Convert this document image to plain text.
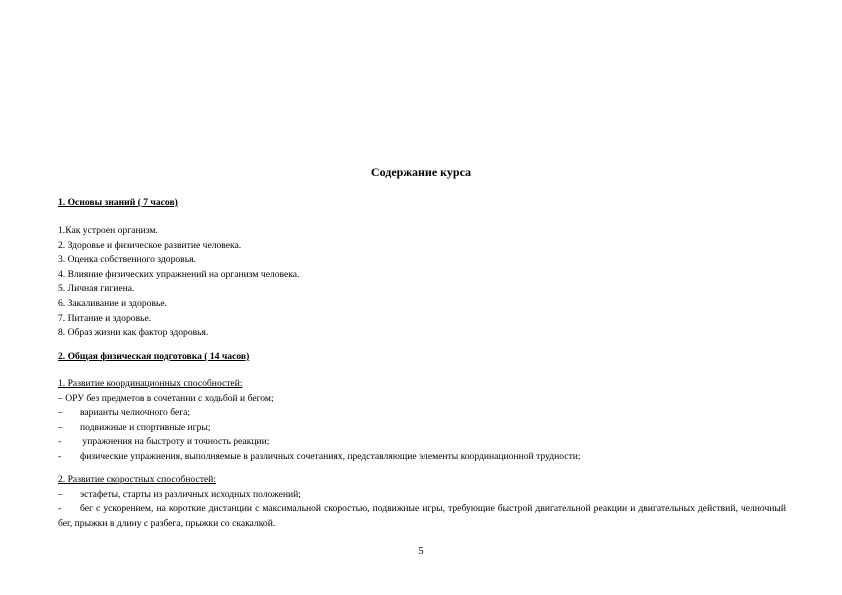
Содержание курса
1. Основы знаний ( 7 часов)
1.Как устроен организм.
2. Здоровье и физическое развитие человека.
3. Оценка собственного здоровья.
4. Влияние физических упражнений на организм человека.
5. Личная гигиена.
6. Закаливание и здоровье.
7. Питание и здоровье.
8. Образ жизни как фактор здоровья.
2. Общая физическая подготовка ( 14 часов)
1. Развитие координационных способностей:
– ОРУ без предметов в сочетании с ходьбой и бегом;
–	варианты челночного бега;
–	подвижные и спортивные игры;
-	упражнения на быстроту и точность реакции;
-	физические упражнения, выполняемые в различных сочетаниях, представляющие элементы координационной трудности;
2. Развитие скоростных способностей:
–	эстафеты, старты из различных исходных положений;
- бег с ускорением, на короткие дистанции с максимальной скоростью, подвижные игры, требующие быстрой двигательной реакции и двигательных действий, челночный бег, прыжки в длину с разбега, прыжки со скакалкой.
5
